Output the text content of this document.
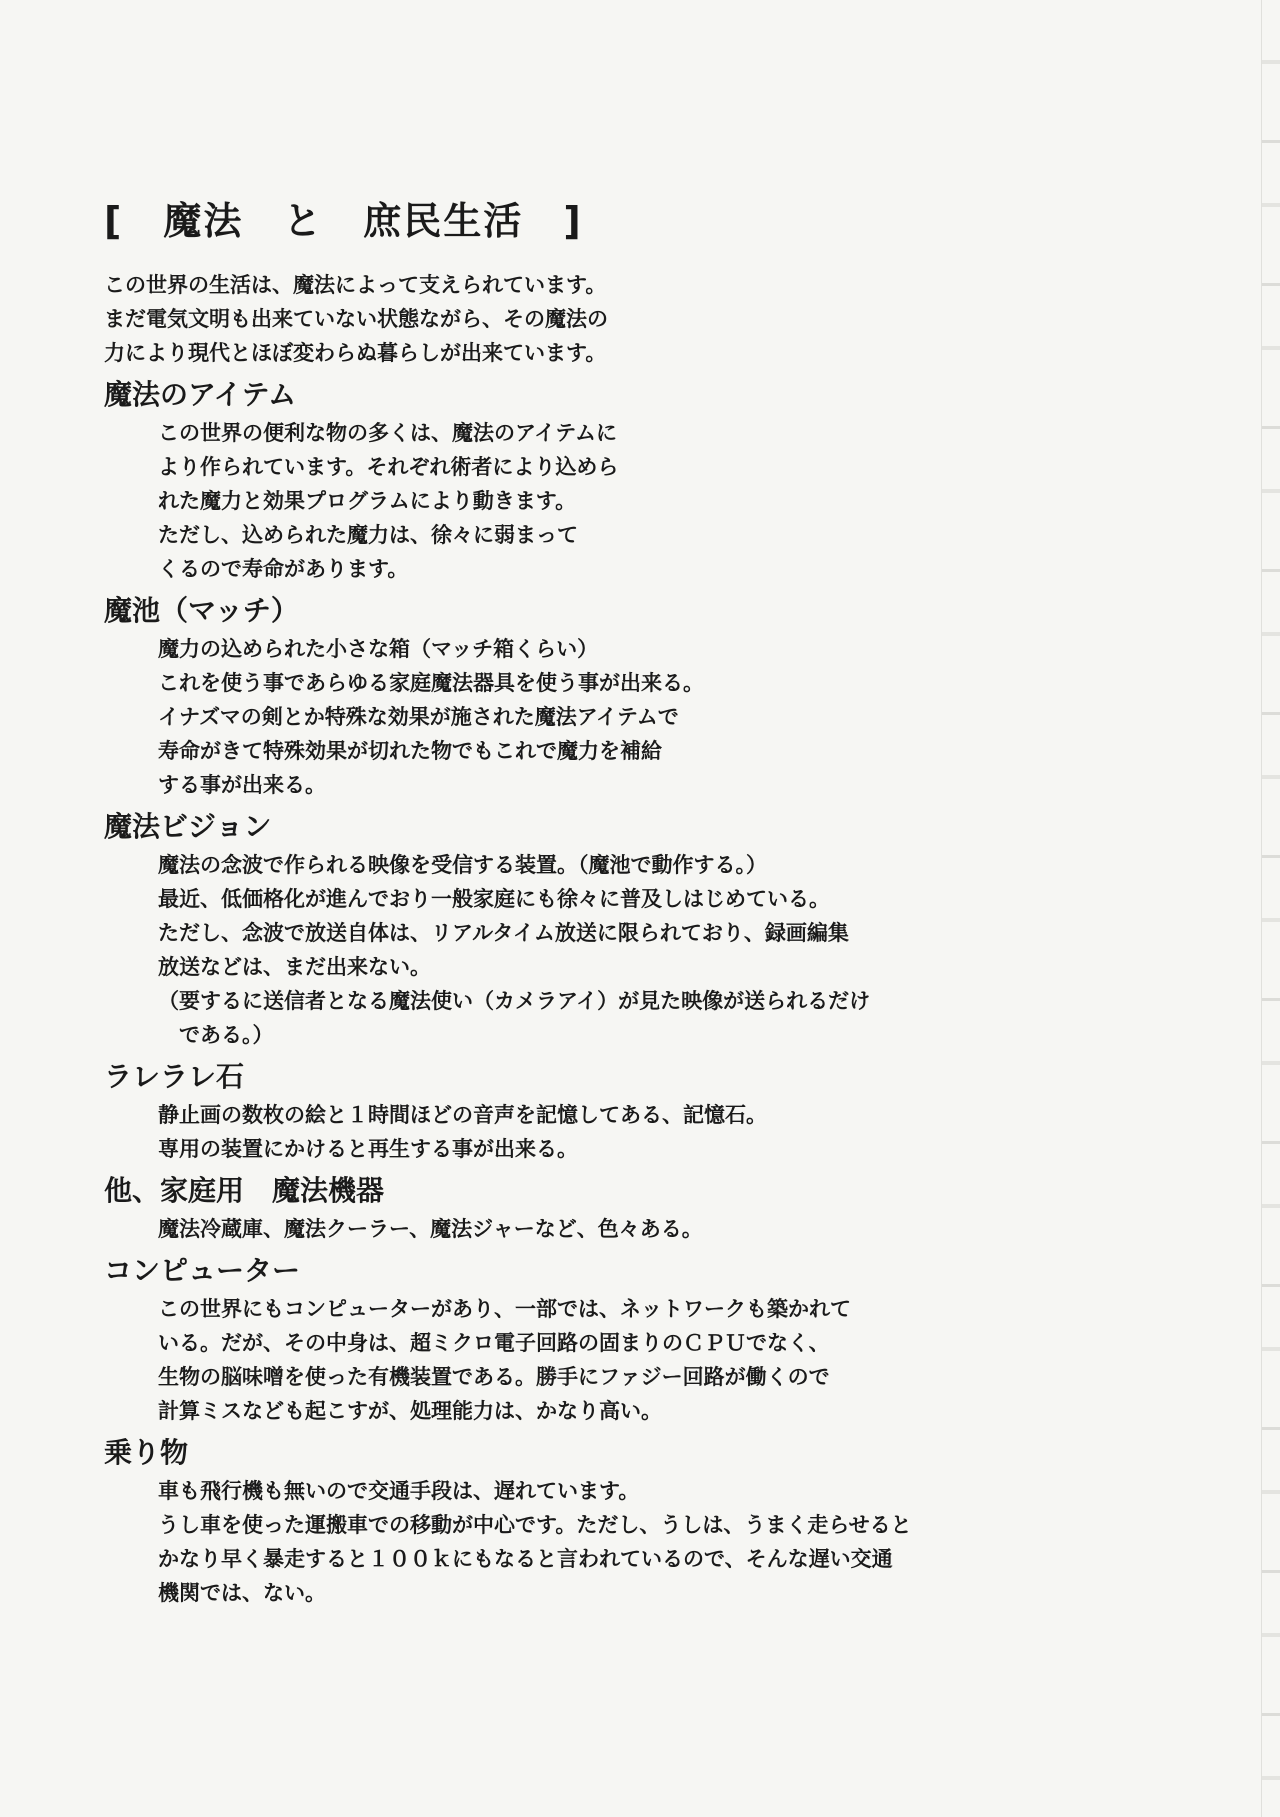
[　魔法　と　庶民生活　]

この世界の生活は、魔法によって支えられています。

まだ電気文明も出来ていない状態ながら、その魔法の

力により現代とほぼ変わらぬ暮らしが出来ています。

魔法のアイテム

この世界の便利な物の多くは、魔法のアイテムに

より作られています。それぞれ術者により込めら

れた魔力と効果プログラムにより動きます。

ただし、込められた魔力は、徐々に弱まって

くるので寿命があります。

魔池（マッチ）

魔力の込められた小さな箱（マッチ箱くらい）

これを使う事であらゆる家庭魔法器具を使う事が出来る。

イナズマの剣とか特殊な効果が施された魔法アイテムで

寿命がきて特殊効果が切れた物でもこれで魔力を補給

する事が出来る。

魔法ビジョン

魔法の念波で作られる映像を受信する装置。（魔池で動作する。）

最近、低価格化が進んでおり一般家庭にも徐々に普及しはじめている。

ただし、念波で放送自体は、リアルタイム放送に限られており、録画編集

放送などは、まだ出来ない。

（要するに送信者となる魔法使い（カメラアイ）が見た映像が送られるだけ

　である。）

ラレラレ石

静止画の数枚の絵と１時間ほどの音声を記憶してある、記憶石。

専用の装置にかけると再生する事が出来る。

他、家庭用　魔法機器

魔法冷蔵庫、魔法クーラー、魔法ジャーなど、色々ある。

コンピューター

この世界にもコンピューターがあり、一部では、ネットワークも築かれて

いる。だが、その中身は、超ミクロ電子回路の固まりのＣＰＵでなく、

生物の脳味噌を使った有機装置である。勝手にファジー回路が働くので

計算ミスなども起こすが、処理能力は、かなり高い。

乗り物

車も飛行機も無いので交通手段は、遅れています。

うし車を使った運搬車での移動が中心です。ただし、うしは、うまく走らせると

かなり早く暴走すると１００ｋにもなると言われているので、そんな遅い交通

機関では、ない。
